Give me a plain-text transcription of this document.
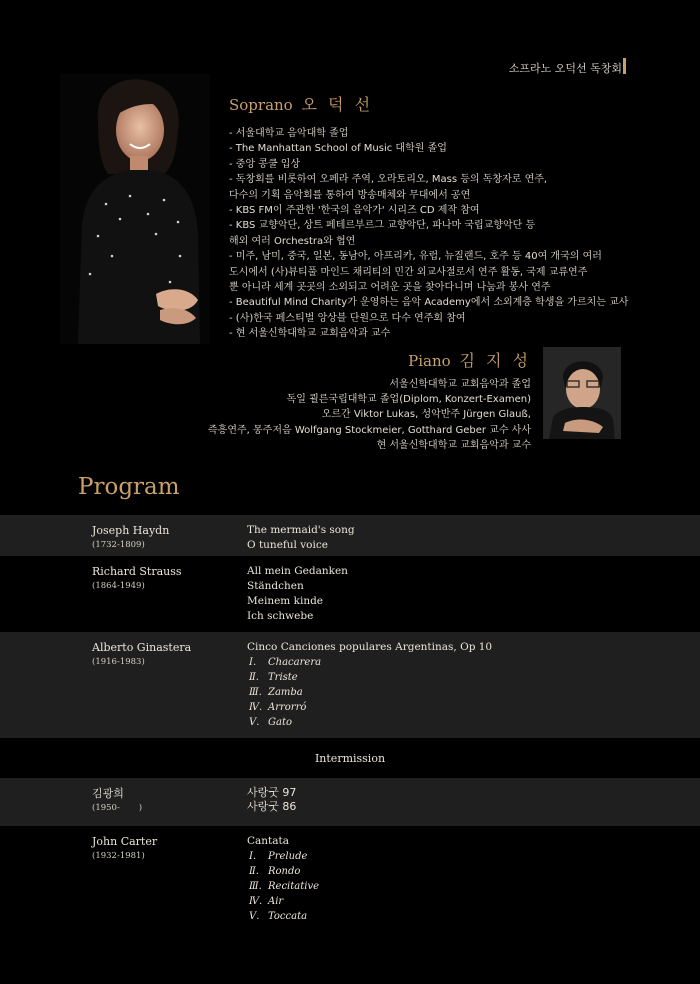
소프라노 오덕선 독창회
Soprano 오 덕 선
- 서울대학교 음악대학 졸업
- The Manhattan School of Music 대학원 졸업
- 중앙 콩쿨 입상
- 독창회를 비롯하여 오페라 주역, 오라토리오, Mass 등의 독창자로 연주,
다수의 기획 음악회를 통하여 방송매체와 무대에서 공연
- KBS FM이 주관한 '한국의 음악가' 시리즈 CD 제작 참여
- KBS 교향악단, 상트 페테르부르그 교향악단, 파나마 국립교향악단 등
해외 여러 Orchestra와 협연
- 미주, 남미, 중국, 일본, 동남아, 아프리카, 유럽, 뉴질랜드, 호주 등 40여 개국의 여러
도시에서 (사)뷰티풀 마인드 채리티의 민간 외교사절로서 연주 활동, 국제 교류연주
뿐 아니라 세계 곳곳의 소외되고 어려운 곳을 찾아다니며 나눔과 봉사 연주
- Beautiful Mind Charity가 운영하는 음악 Academy에서 소외계층 학생을 가르치는 교사
- (사)한국 페스티벌 앙상블 단원으로 다수 연주회 참여
- 현 서울신학대학교 교회음악과 교수
Piano 김 지 성
서울신학대학교 교회음악과 졸업
독일 쾰른국립대학교 졸업(Diplom, Konzert-Examen)
오르간 Viktor Lukas, 성악반주 Jürgen Glauß,
즉흥연주, 몽주저음 Wolfgang Stockmeier, Gotthard Geber 교수 사사
현 서울신학대학교 교회음악과 교수
Program
Joseph Haydn
(1732-1809)
The mermaid's song
O tuneful voice
Richard Strauss
(1864-1949)
All mein Gedanken
Ständchen
Meinem kinde
Ich schwebe
Alberto Ginastera
(1916-1983)
Cinco Canciones populares Argentinas, Op 10
Ⅰ. Chacarera
Ⅱ. Triste
Ⅲ. Zamba
Ⅳ. Arrorró
Ⅴ. Gato
Intermission
김광희
(1950-       )
사랑굿 97
사랑굿 86
John Carter
(1932-1981)
Cantata
Ⅰ. Prelude
Ⅱ. Rondo
Ⅲ. Recitative
Ⅳ. Air
Ⅴ. Toccata
